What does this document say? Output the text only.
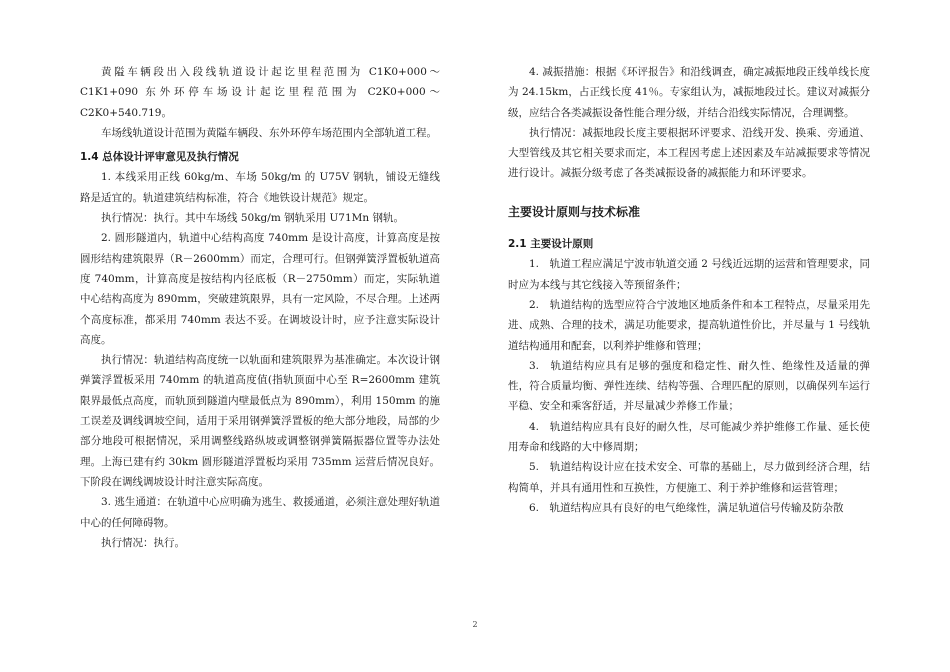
黄隘车辆段出入段线轨道设计起讫里程范围为 C1K0+000～C1K1+090 东外环停车场设计起讫里程范围为 C2K0+000～C2K0+540.719。

车场线轨道设计范围为黄隘车辆段、东外环停车场范围内全部轨道工程。

1.4 总体设计评审意见及执行情况

1. 本线采用正线 60kg/m、车场 50kg/m 的 U75V 钢轨，铺设无缝线路是适宜的。轨道建筑结构标准，符合《地铁设计规范》规定。

执行情况：执行。其中车场线 50kg/m 钢轨采用 U71Mn 钢轨。

2. 圆形隧道内，轨道中心结构高度 740mm 是设计高度，计算高度是按圆形结构建筑限界（R－2600mm）而定，合理可行。但钢弹簧浮置板轨道高度 740mm，计算高度是按结构内径底板（R－2750mm）而定，实际轨道中心结构高度为 890mm，突破建筑限界，具有一定风险，不尽合理。上述两个高度标准，都采用 740mm 表达不妥。在调坡设计时，应予注意实际设计高度。

执行情况：轨道结构高度统一以轨面和建筑限界为基准确定。本次设计钢弹簧浮置板采用 740mm 的轨道高度值(指轨顶面中心至 R=2600mm 建筑限界最低点高度，而轨顶到隧道内壁最低点为 890mm），利用 150mm 的施工误差及调线调坡空间，适用于采用钢弹簧浮置板的绝大部分地段，局部的少部分地段可根据情况，采用调整线路纵坡或调整钢弹簧隔振器位置等办法处理。上海已建有约 30km 圆形隧道浮置板均采用 735mm 运营后情况良好。下阶段在调线调坡设计时注意实际高度。

3. 逃生通道：在轨道中心应明确为逃生、救援通道，必须注意处理好轨道中心的任何障碍物。

执行情况：执行。

4. 减振措施：根据《环评报告》和沿线调查，确定减振地段正线单线长度为 24.15km，占正线长度 41％。专家组认为，减振地段过长。建议对减振分级，应结合各类减振设备性能合理分级，并结合沿线实际情况，合理调整。

执行情况：减振地段长度主要根据环评要求、沿线开发、换乘、旁通道、大型管线及其它相关要求而定，本工程因考虑上述因素及车站减振要求等情况进行设计。减振分级考虑了各类减振设备的减振能力和环评要求。

主要设计原则与技术标准
2.1 主要设计原则

1.　轨道工程应满足宁波市轨道交通 2 号线近远期的运营和管理要求，同时应为本线与其它线接入等预留条件；

2.　轨道结构的选型应符合宁波地区地质条件和本工程特点，尽量采用先进、成熟、合理的技术，满足功能要求，提高轨道性价比，并尽量与 1 号线轨道结构通用和配套，以利养护维修和管理；

3.　轨道结构应具有足够的强度和稳定性、耐久性、绝缘性及适量的弹性，符合质量均衡、弹性连续、结构等强、合理匹配的原则，以确保列车运行平稳、安全和乘客舒适，并尽量减少养修工作量；

4.　轨道结构应具有良好的耐久性，尽可能减少养护维修工作量、延长使用寿命和线路的大中修周期；

5.　轨道结构设计应在技术安全、可靠的基础上，尽力做到经济合理，结构简单，并具有通用性和互换性，方便施工、利于养护维修和运营管理；

6.　轨道结构应具有良好的电气绝缘性，满足轨道信号传输及防杂散

2
